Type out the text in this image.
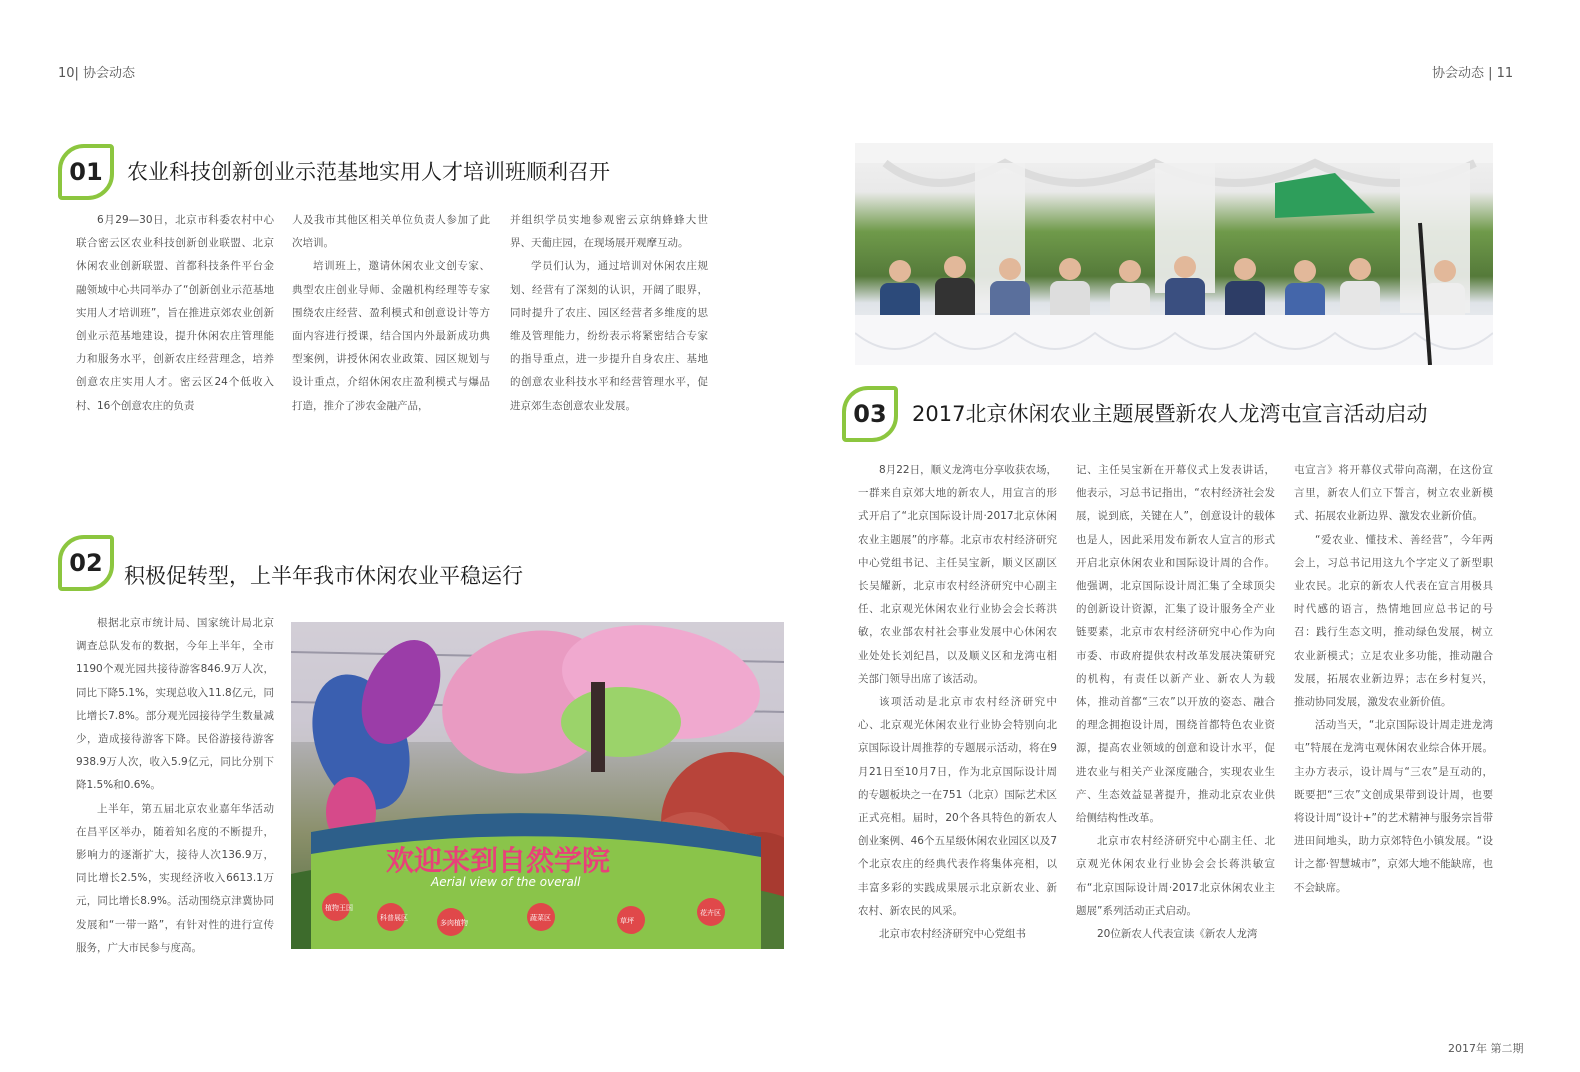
10| 协会动态	协会动态 | 11
01 农业科技创新创业示范基地实用人才培训班顺利召开

6月29—30日，北京市科委农村中心联合密云区农业科技创新创业联盟、北京休闲农业创新联盟、首都科技条件平台金融领域中心共同举办了“创新创业示范基地实用人才培训班”，旨在推进京郊农业创新创业示范基地建设，提升休闲农庄管理能力和服务水平，创新农庄经营理念，培养创意农庄实用人才。密云区24个低收入村、16个创意农庄的负责

人及我市其他区相关单位负责人参加了此次培训。

培训班上，邀请休闲农业文创专家、典型农庄创业导师、金融机构经理等专家围绕农庄经营、盈利模式和创意设计等方面内容进行授课，结合国内外最新成功典型案例，讲授休闲农业政策、园区规划与设计重点，介绍休闲农庄盈利模式与爆品打造，推介了涉农金融产品，

并组织学员实地参观密云京纳蜂蜂大世界、天葡庄园，在现场展开观摩互动。

学员们认为，通过培训对休闲农庄规划、经营有了深刻的认识，开阔了眼界，同时提升了农庄、园区经营者多维度的思维及管理能力，纷纷表示将紧密结合专家的指导重点，进一步提升自身农庄、基地的创意农业科技水平和经营管理水平，促进京郊生态创意农业发展。

02 积极促转型，上半年我市休闲农业平稳运行

根据北京市统计局、国家统计局北京调查总队发布的数据，今年上半年，全市1190个观光园共接待游客846.9万人次，同比下降5.1%，实现总收入11.8亿元，同比增长7.8%。部分观光园接待学生数量减少，造成接待游客下降。民俗游接待游客938.9万人次，收入5.9亿元，同比分别下降1.5%和0.6%。

上半年，第五届北京农业嘉年华活动在昌平区举办，随着知名度的不断提升，影响力的逐渐扩大，接待人次136.9万，同比增长2.5%，实现经济收入6613.1万元，同比增长8.9%。活动围绕京津冀协同发展和“一带一路”，有针对性的进行宣传服务，广大市民参与度高。

欢迎来到自然学院
Aerial view of the overall
植物王国
科普展区
多肉植物
蔬菜区	草坪
花卉区
03 2017北京休闲农业主题展暨新农人龙湾屯宣言活动启动

8月22日，顺义龙湾屯分享收获农场，一群来自京郊大地的新农人，用宣言的形式开启了“北京国际设计周·2017北京休闲农业主题展”的序幕。北京市农村经济研究中心党组书记、主任吴宝新，顺义区副区长吴耀新，北京市农村经济研究中心副主任、北京观光休闲农业行业协会会长蒋洪敏，农业部农村社会事业发展中心休闲农业处处长刘纪昌，以及顺义区和龙湾屯相关部门领导出席了该活动。

该项活动是北京市农村经济研究中心、北京观光休闲农业行业协会特别向北京国际设计周推荐的专题展示活动，将在9月21日至10月7日，作为北京国际设计周的专题板块之一在751（北京）国际艺术区正式亮相。届时，20个各具特色的新农人创业案例、46个五星级休闲农业园区以及7个北京农庄的经典代表作将集体亮相，以丰富多彩的实践成果展示北京新农业、新农村、新农民的风采。

北京市农村经济研究中心党组书

记、主任吴宝新在开幕仪式上发表讲话，他表示，习总书记指出，“农村经济社会发展，说到底，关键在人”，创意设计的载体也是人，因此采用发布新农人宣言的形式开启北京休闲农业和国际设计周的合作。他强调，北京国际设计周汇集了全球顶尖的创新设计资源，汇集了设计服务全产业链要素，北京市农村经济研究中心作为向市委、市政府提供农村改革发展决策研究的机构，有责任以新产业、新农人为载体，推动首都“三农”以开放的姿态、融合的理念拥抱设计周，围绕首都特色农业资源，提高农业领域的创意和设计水平，促进农业与相关产业深度融合，实现农业生产、生态效益显著提升，推动北京农业供给侧结构性改革。

北京市农村经济研究中心副主任、北京观光休闲农业行业协会会长蒋洪敏宣布“北京国际设计周·2017北京休闲农业主题展”系列活动正式启动。

20位新农人代表宣读《新农人龙湾

屯宣言》将开幕仪式带向高潮，在这份宣言里，新农人们立下誓言，树立农业新模式、拓展农业新边界、激发农业新价值。

“爱农业、懂技术、善经营”，今年两会上，习总书记用这九个字定义了新型职业农民。北京的新农人代表在宣言用极具时代感的语言，热情地回应总书记的号召：践行生态文明，推动绿色发展，树立农业新模式；立足农业多功能，推动融合发展，拓展农业新边界；志在乡村复兴，推动协同发展，激发农业新价值。

活动当天，“北京国际设计周走进龙湾屯”特展在龙湾屯观休闲农业综合体开展。主办方表示，设计周与“三农”是互动的，既要把“三农”文创成果带到设计周，也要将设计周“设计+”的艺术精神与服务宗旨带进田间地头，助力京郊特色小镇发展。“设计之都·智慧城市”，京郊大地不能缺席，也不会缺席。

2017年 第二期
